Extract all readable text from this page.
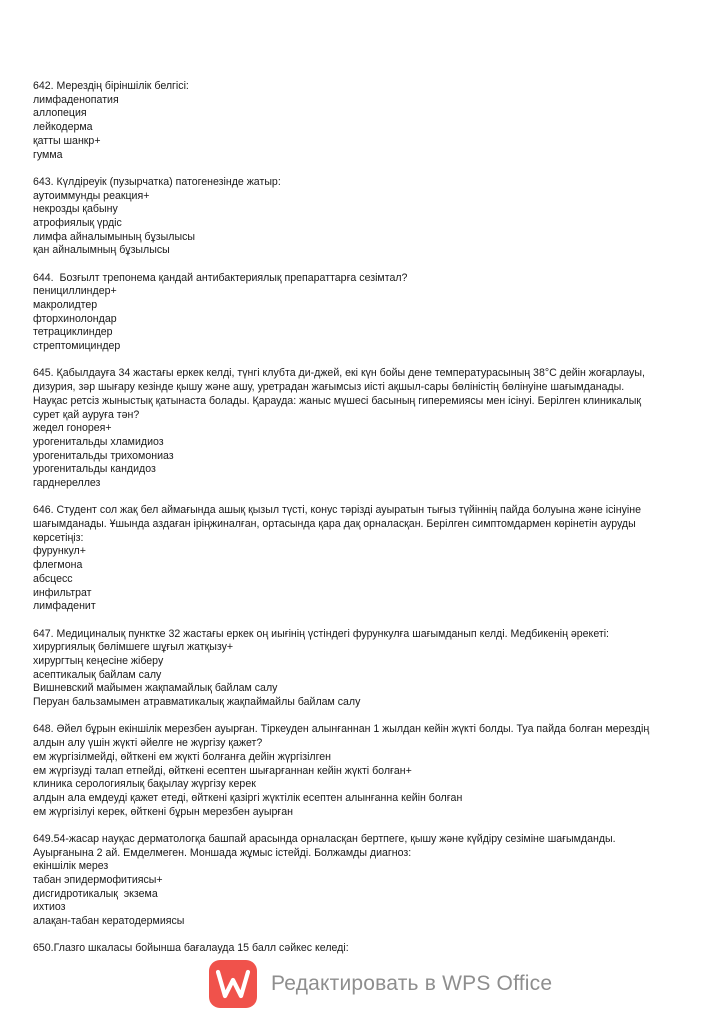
642. Мерездің біріншілік белгісі:
лимфаденопатия
аллопеция
лейкодерма
қатты шанкр+
гумма
643. Күлдіреуік (пузырчатка) патогенезінде жатыр:
аутоиммунды реакция+
некрозды қабыну
атрофиялық үрдіс
лимфа айналымының бұзылысы
қан айналымның бұзылысы
644.  Бозғылт трепонема қандай антибактериялық препараттарға сезімтал?
пенициллиндер+
макролидтер
фторхинолондар
тетрациклиндер
стрептомициндер
645. Қабылдауға 34 жастағы еркек келді, түнгі клубта ди-джей, екі күн бойы дене температурасының 38°С дейін жоғарлауы,
дизурия, зәр шығару кезінде қышу және ашу, уретрадан жағымсыз иісті ақшыл-сары бөліністің бөлінуіне шағымданады.
Науқас ретсіз жыныстық қатынаста болады. Қарауда: жаныс мүшесі басының гиперемиясы мен ісінуі. Берілген клиникалық
сурет қай ауруға тән?
жедел гонорея+
урогенитальды хламидиоз
урогенитальды трихомониаз
урогенитальды кандидоз
гарднереллез
646. Студент сол жақ бел аймағында ашық қызыл түсті, конус тәрізді ауыратын тығыз түйіннің пайда болуына және ісінуіне
шағымданады. Ұшында аздаған іріңжиналған, ортасында қара дақ орналасқан. Берілген симптомдармен көрінетін ауруды
көрсетіңіз:
фурункул+
флегмона
абсцесс
инфильтрат
лимфаденит
647. Медициналық пунктке 32 жастағы еркек оң иығінің үстіндегі фурункулға шағымданып келді. Медбикенің әрекеті:
хирургиялық бөлімшеге шұғыл жатқызу+
хирургтың кеңесіне жіберу
асептикалық байлам салу
Вишневский майымен жақпамайлық байлам салу
Перуан бальзамымен атравматикалық жақпаймайлы байлам салу
648. Әйел бұрын екіншілік мерезбен ауырған. Тіркеуден алынғаннан 1 жылдан кейін жүкті болды. Туа пайда болған мерездің
алдын алу үшін жүкті әйелге не жүргізу қажет?
ем жүргізілмейді, өйткені ем жүкті болғанға дейін жүргізілген
ем жүргізуді талап етпейді, өйткені есептен шығарғаннан кейін жүкті болған+
клиника серологиялық бақылау жүргізу керек
алдын ала емдеуді қажет етеді, өйткені қазіргі жүктілік есептен алынғанна кейін болған
ем жүргізілуі керек, өйткені бұрын мерезбен ауырған
649.54-жасар науқас дерматологқа башпай арасында орналасқан бертпеге, қышу және күйдіру сезіміне шағымданды.
Ауырғанына 2 ай. Емделмеген. Моншада жұмыс істейді. Болжамды диагноз:
екіншілік мерез
табан эпидермофитиясы+
дисгидротикалық  экзема
ихтиоз
алақан-табан кератодермиясы
650.Глазго шкаласы бойынша бағалауда 15 балл сәйкес келеді:
Редактировать в WPS Office
